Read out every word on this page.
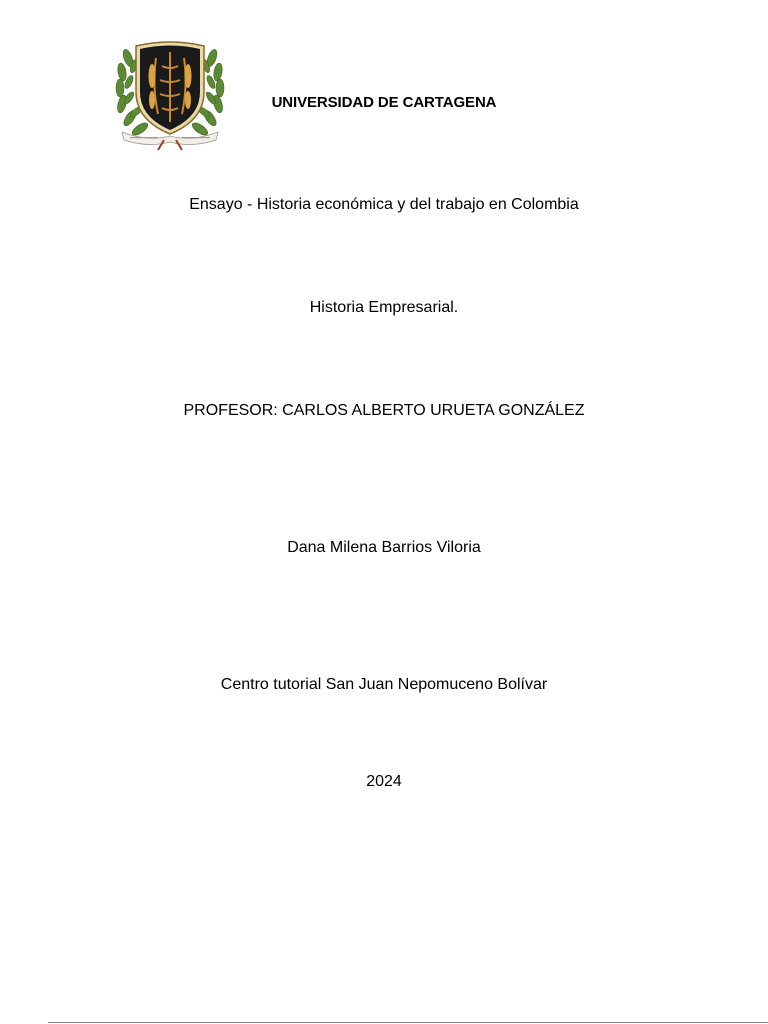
UNIVERSIDAD DE CARTAGENA
Ensayo - Historia económica y del trabajo en Colombia
Historia Empresarial.
PROFESOR: CARLOS ALBERTO URUETA GONZÁLEZ
Dana Milena Barrios Viloria
Centro tutorial San Juan Nepomuceno Bolívar
2024
